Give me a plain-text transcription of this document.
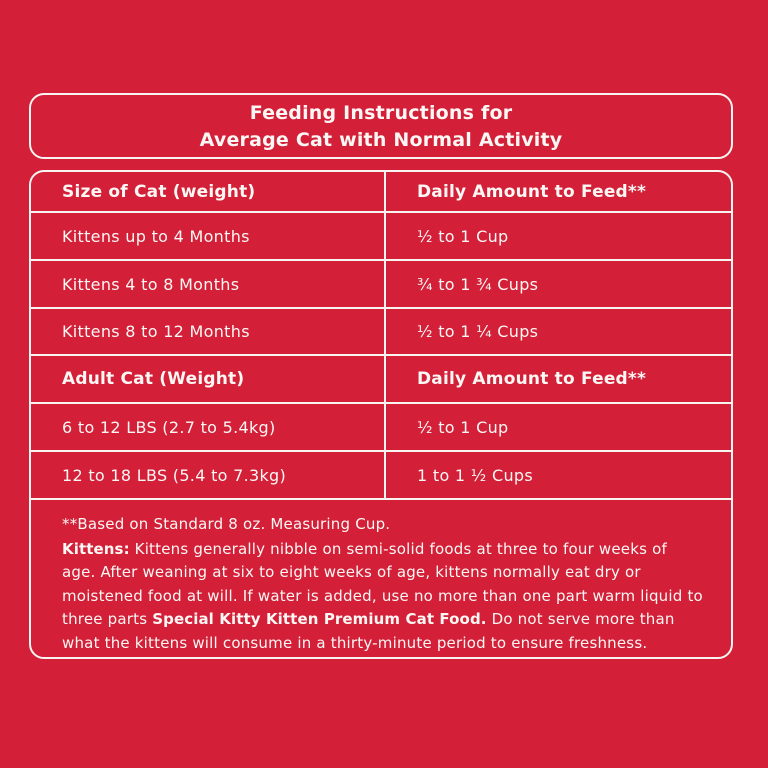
Feeding Instructions for
Average Cat with Normal Activity
Size of Cat (weight)	Daily Amount to Feed**
Kittens up to 4 Months	½ to 1 Cup
Kittens 4 to 8 Months	¾ to 1 ¾ Cups
Kittens 8 to 12 Months	½ to 1 ¼ Cups
Adult Cat (Weight)	Daily Amount to Feed**
6 to 12 LBS (2.7 to 5.4kg)	½ to 1 Cup
12 to 18 LBS (5.4 to 7.3kg)	1 to 1 ½ Cups

**Based on Standard 8 oz. Measuring Cup.

Kittens: Kittens generally nibble on semi-solid foods at three to four weeks of age. After weaning at six to eight weeks of age, kittens normally eat dry or moistened food at will. If water is added, use no more than one part warm liquid to three parts Special Kitty Kitten Premium Cat Food. Do not serve more than what the kittens will consume in a thirty-minute period to ensure freshness.
